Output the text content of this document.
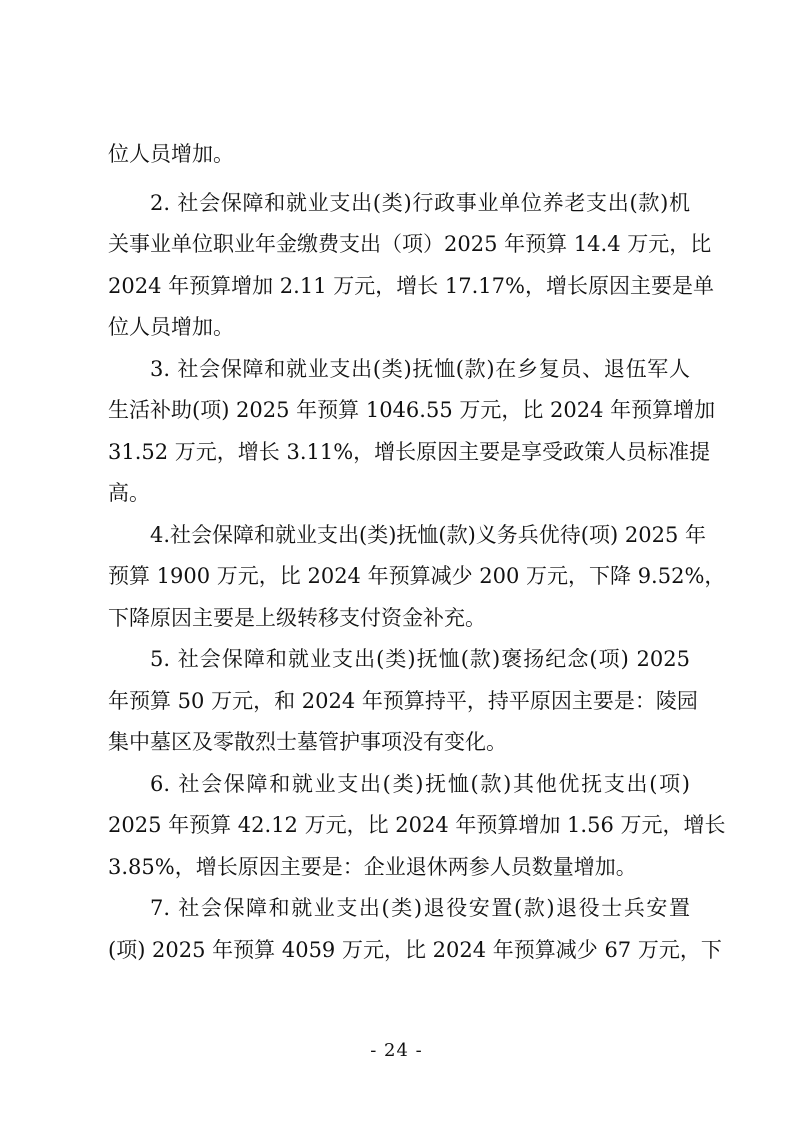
位人员增加。

2. 社会保障和就业支出(类)行政事业单位养老支出(款)机
关事业单位职业年金缴费支出（项）2025 年预算 14.4 万元，比
2024 年预算增加 2.11 万元，增长 17.17%，增长原因主要是单
位人员增加。

3. 社会保障和就业支出(类)抚恤(款)在乡复员、退伍军人
生活补助(项) 2025 年预算 1046.55 万元，比 2024 年预算增加
31.52 万元，增长 3.11%，增长原因主要是享受政策人员标准提
高。

4.社会保障和就业支出(类)抚恤(款)义务兵优待(项) 2025 年
预算 1900 万元，比 2024 年预算减少 200 万元，下降 9.52%，
下降原因主要是上级转移支付资金补充。

5. 社会保障和就业支出(类)抚恤(款)褒扬纪念(项) 2025
年预算 50 万元，和 2024 年预算持平，持平原因主要是：陵园
集中墓区及零散烈士墓管护事项没有变化。

6. 社会保障和就业支出(类)抚恤(款)其他优抚支出(项)
2025 年预算 42.12 万元，比 2024 年预算增加 1.56 万元，增长
3.85%，增长原因主要是：企业退休两参人员数量增加。

7. 社会保障和就业支出(类)退役安置(款)退役士兵安置
(项) 2025 年预算 4059 万元，比 2024 年预算减少 67 万元，下

- 24 -
